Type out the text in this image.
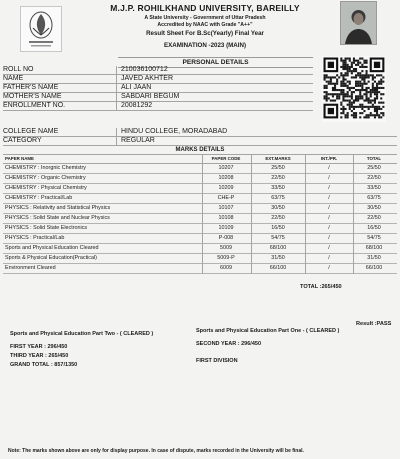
M.J.P. ROHILKHAND UNIVERSITY, BAREILLY
A State University - Government of Uttar Pradesh
Accredited by NAAC with Grade "A++"
Result Sheet For B.Sc(Yearly) Final Year
EXAMINATION -2023 (MAIN)
PERSONAL DETAILS
ROLL NO	210036100712
NAME	JAVED AKHTER
FATHER'S NAME	ALI JAAN
MOTHER'S NAME	SABDARI BEGUM
ENROLLMENT NO.	20081292
COLLEGE NAME	HINDU COLLEGE, MORADABAD
CATEGORY	REGULAR
MARKS DETAILS
PAPER NAME	PAPER CODE	EXT.MARKS	INT./PR.	TOTAL
CHEMISTRY : Inorgnic Chemistry	10207	25/50	/	25/50
CHEMISTRY : Organic Chemistry	10208	22/50	/	22/50
CHEMISTRY : Physical Chemistry	10209	33/50	/	33/50
CHEMISTRY : Practical/Lab	CHE-P	63/75	/	63/75
PHYSICS : Relativity and Statistical Physics	10107	30/50	/	30/50
PHYSICS : Solid State and Nuclear Physics	10108	22/50	/	22/50
PHYSICS : Solid State Electronics	10109	16/50	/	16/50
PHYSICS : Practical/Lab	P-008	54/75	/	54/75
Sports and Physical Education Cleared	5009	68/100	/	68/100
Sports & Physical Education(Practical)	5009-P	31/50	/	31/50
Environment Cleared	6009	66/100	/	66/100
TOTAL :265/450
Result :PASS
Sports and Physical Education Part Two - ( CLEARED )	Sports and Physical Education Part One - ( CLEARED )
FIRST YEAR : 296/450	SECOND YEAR : 296/450
THIRD YEAR : 265/450
GRAND TOTAL : 857/1350
FIRST DIVISION
Note: The marks shown above are only for display purpose. In case of dispute, marks recorded in the University will be final.
